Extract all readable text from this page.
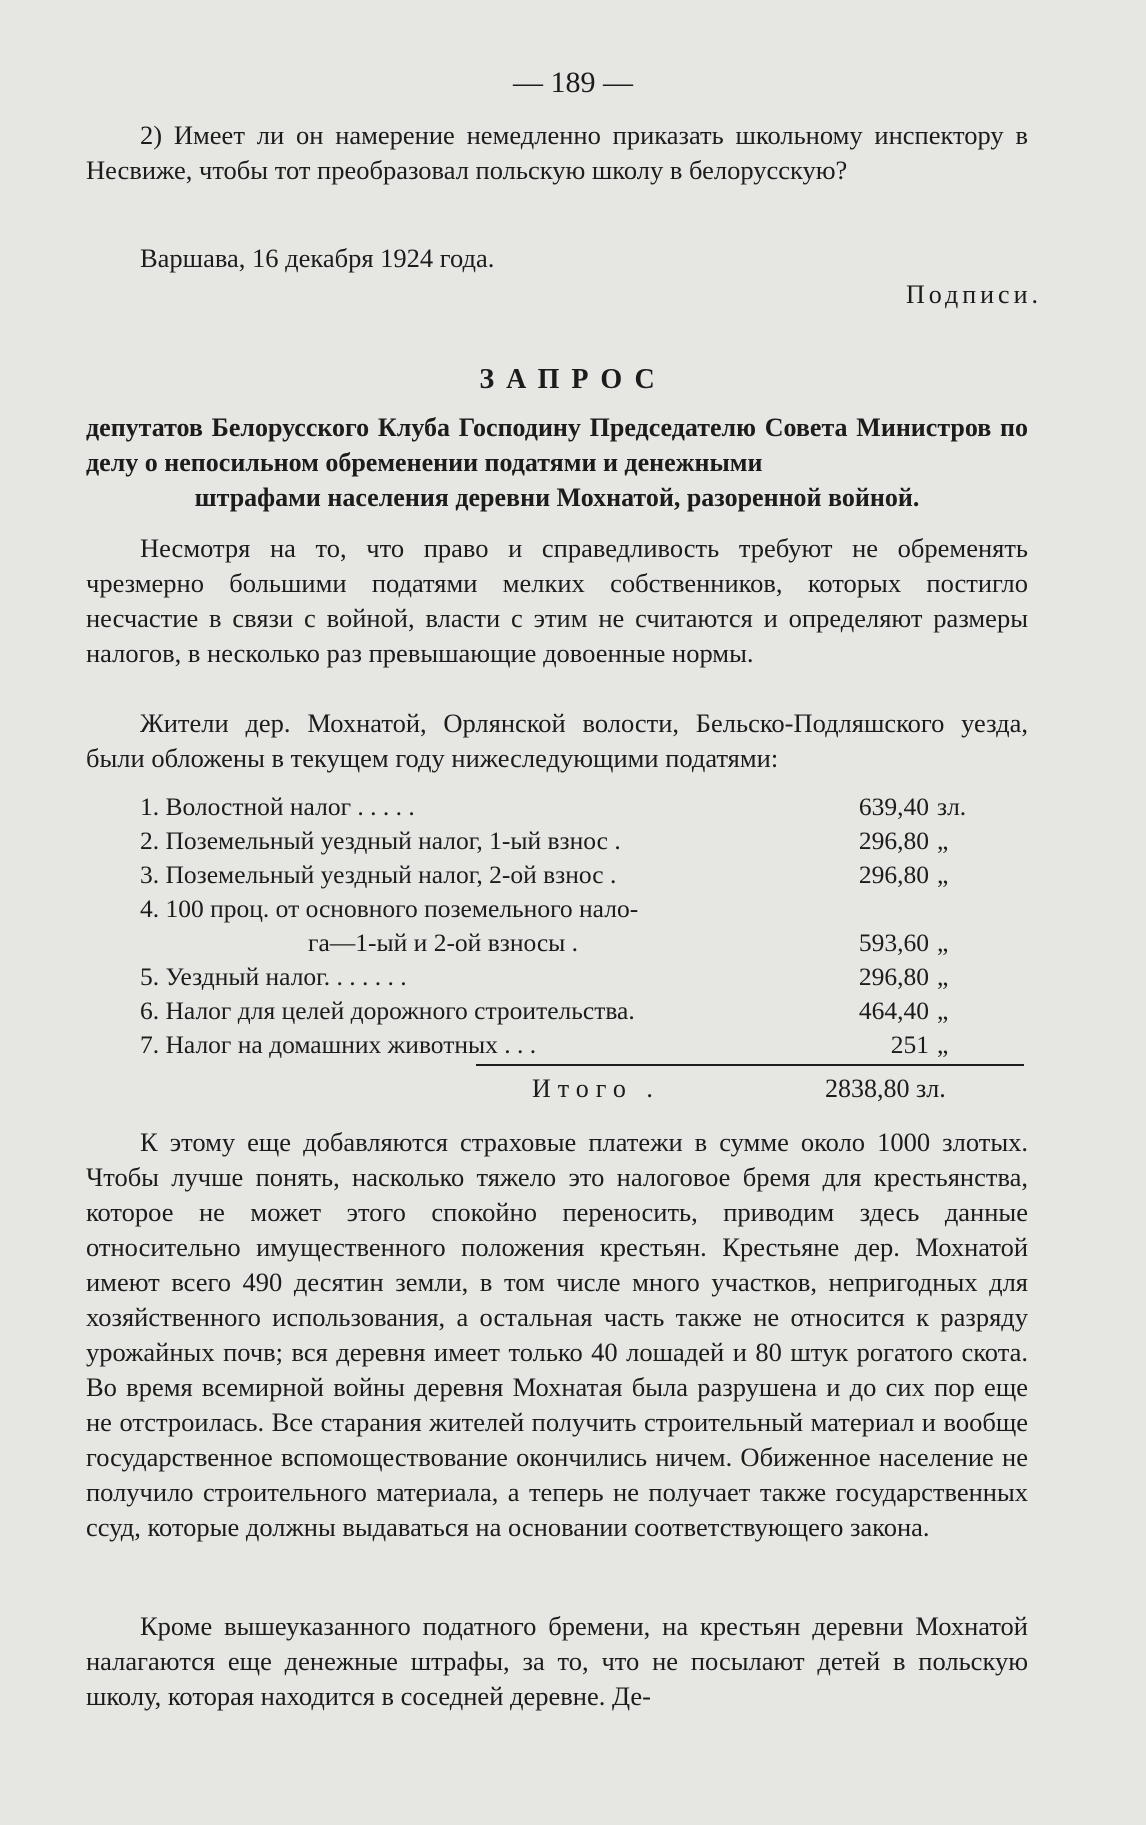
— 189 —

2) Имеет ли он намерение немедленно приказать школьному инспектору в Несвиже, чтобы тот преобразовал польскую школу в белорусскую?

Варшава, 16 декабря 1924 года.

Подписи.
ЗАПРОС
депутатов Белорусского Клуба Господину Председателю Совета Министров по делу о непосильном обременении податями и денежными
штрафами населения деревни Мохнатой, разоренной войной.

Несмотря на то, что право и справедливость требуют не обременять чрезмерно большими податями мелких собственников, которых постигло несчастие в связи с войной, власти с этим не считаются и определяют размеры налогов, в несколько раз превышающие довоенные нормы.

Жители дер. Мохнатой, Орлянской волости, Бельско-Подляшского уезда, были обложены в текущем году нижеследующими податями:

1. Волостной налог . . . . .	639,40 зл.
2. Поземельный уездный налог, 1-ый взнос .	296,80 „
3. Поземельный уездный налог, 2-ой взнос .	296,80 „
4. 100 проц. от основного поземельного нало-
га—1-ый и 2-ой взносы .	593,60 „
5. Уездный налог. . . . . . .	296,80 „
6. Налог для целей дорожного строительства.	464,40 „
7. Налог на домашних животных . . .	251 „
Итого .	2838,80 зл.

К этому еще добавляются страховые платежи в сумме около 1000 злотых. Чтобы лучше понять, насколько тяжело это налоговое бремя для крестьянства, которое не может этого спокойно переносить, приводим здесь данные относительно имущественного положения крестьян. Крестьяне дер. Мохнатой имеют всего 490 десятин земли, в том числе много участков, непригодных для хозяйственного использования, а остальная часть также не относится к разряду урожайных почв; вся деревня имеет только 40 лошадей и 80 штук рогатого скота. Во время всемирной войны деревня Мохнатая была разрушена и до сих пор еще не отстроилась. Все старания жителей получить строительный материал и вообще государственное вспомоществование окончились ничем. Обиженное население не получило строительного материала, а теперь не получает также государственных ссуд, которые должны выдаваться на основании соответствующего закона.

Кроме вышеуказанного податного бремени, на крестьян деревни Мохнатой налагаются еще денежные штрафы, за то, что не посылают детей в польскую школу, которая находится в соседней деревне. Де-
